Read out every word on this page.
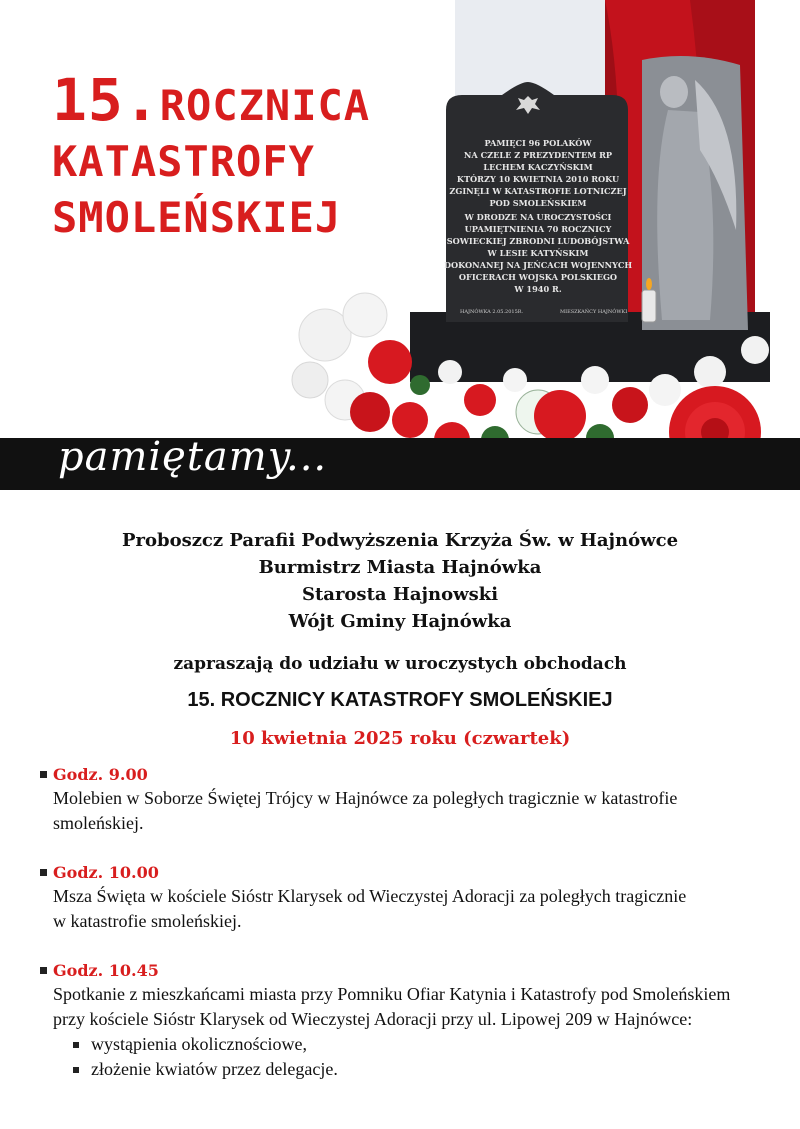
15.ROCZNICA
KATASTROFY
SMOLEŃSKIEJ
PAMIĘCI 96 POLAKÓW
NA CZELE Z PREZYDENTEM RP
LECHEM KACZYŃSKIM
KTÓRZY 10 KWIETNIA 2010 ROKU
ZGINĘLI W KATASTROFIE LOTNICZEJ
POD SMOLEŃSKIEM
W DRODZE NA UROCZYSTOŚCI
UPAMIĘTNIENIA 70 ROCZNICY
SOWIECKIEJ ZBRODNI LUDOBÓJSTWA
W LESIE KATYŃSKIM
DOKONANEJ NA JEŃCACH WOJENNYCH
OFICERACH WOJSKA POLSKIEGO
W 1940 R.
HAJNÓWKA 2.05.2015R.	MIESZKAŃCY HAJNÓWKI
pamiętamy...
Proboszcz Parafii Podwyższenia Krzyża Św. w Hajnówce
Burmistrz Miasta Hajnówka
Starosta Hajnowski
Wójt Gminy Hajnówka
zapraszają do udziału w uroczystych obchodach
15. ROCZNICY KATASTROFY SMOLEŃSKIEJ
10 kwietnia 2025 roku (czwartek)
Godz. 9.00
Molebien w Soborze Świętej Trójcy w Hajnówce za poległych tragicznie w katastrofie
smoleńskiej.
Godz. 10.00
Msza Święta w kościele Sióstr Klarysek od Wieczystej Adoracji za poległych tragicznie
w katastrofie smoleńskiej.
Godz. 10.45
Spotkanie z mieszkańcami miasta przy Pomniku Ofiar Katynia i Katastrofy pod Smoleńskiem
przy kościele Sióstr Klarysek od Wieczystej Adoracji przy ul. Lipowej 209 w Hajnówce:
wystąpienia okolicznościowe,
złożenie kwiatów przez delegacje.
